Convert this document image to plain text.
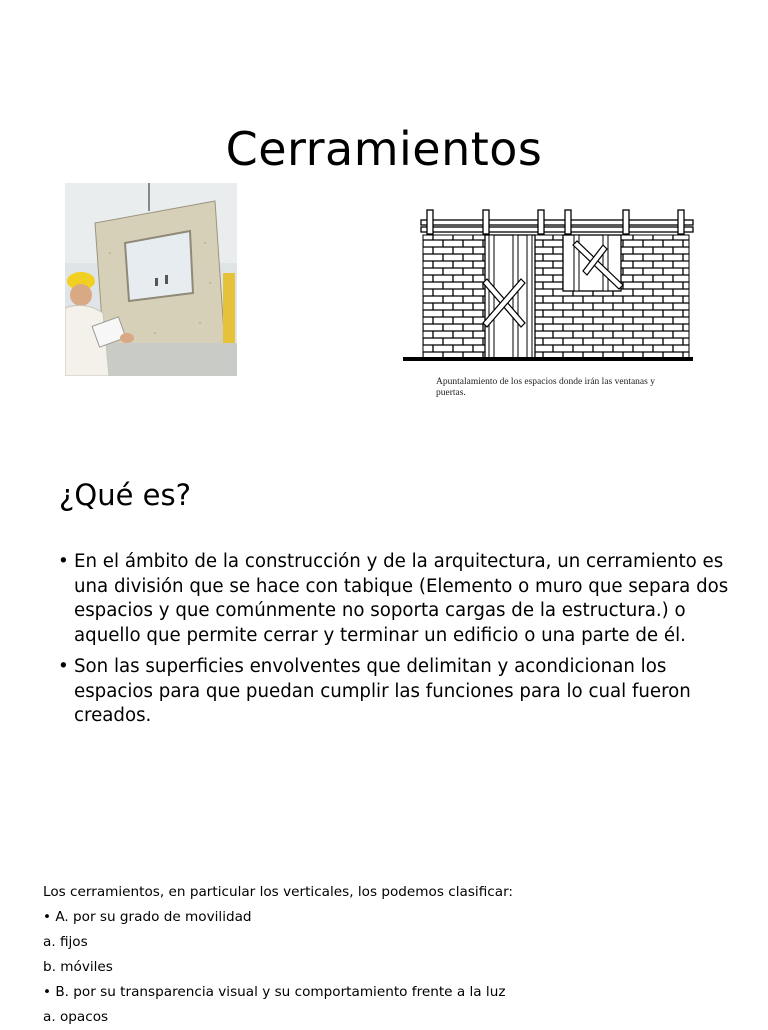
Cerramientos
Apuntalamiento de los espacios donde irán las ventanas y puertas.
¿Qué es?
• En el ámbito de la construcción y de la arquitectura, un cerramiento es una división que se hace con tabique (Elemento o muro que separa dos espacios y que comúnmente no soporta cargas de la estructura.) o aquello que permite cerrar y terminar un edificio o una parte de él.
• Son las superficies envolventes que delimitan y acondicionan los espacios para que puedan cumplir las funciones para lo cual fueron creados.
Los cerramientos, en particular los verticales, los podemos clasificar:
• A. por su grado de movilidad
a. fijos
b. móviles
• B. por su transparencia visual y su comportamiento frente a la luz
a. opacos
